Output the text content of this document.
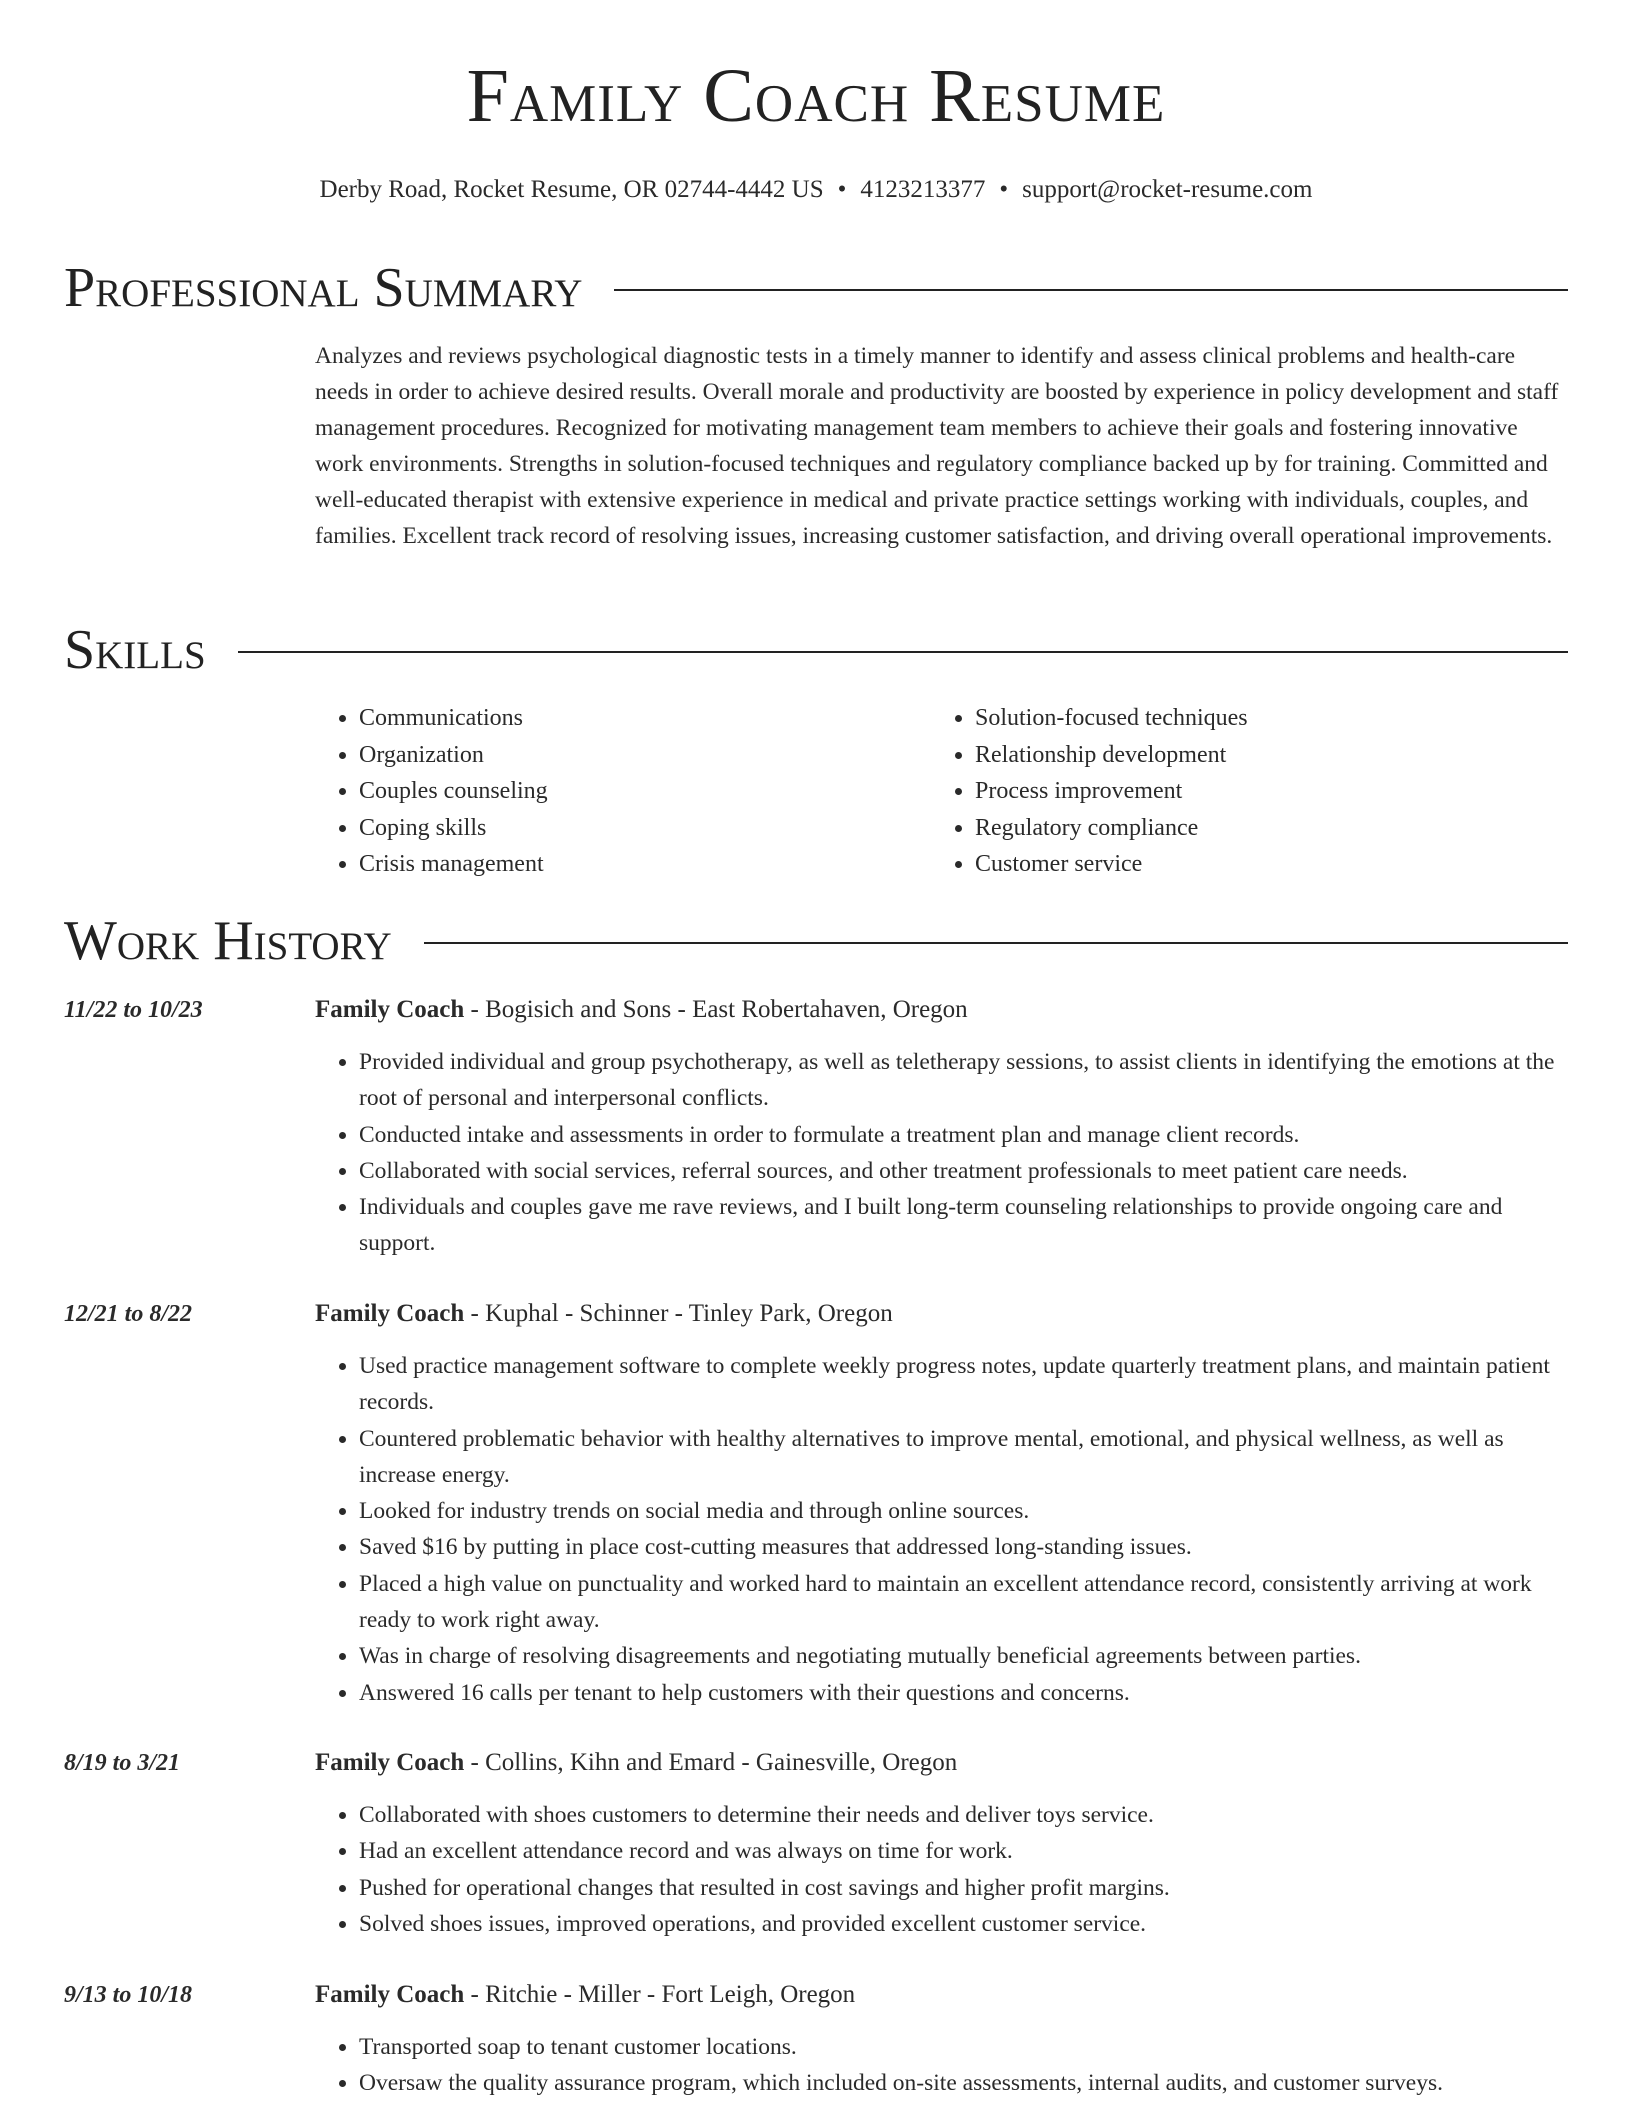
Family Coach Resume
Derby Road, Rocket Resume, OR 02744-4442 US • 4123213377 • support@rocket-resume.com
Professional Summary

Analyzes and reviews psychological diagnostic tests in a timely manner to identify and assess clinical problems and health-care needs in order to achieve desired results. Overall morale and productivity are boosted by experience in policy development and staff management procedures. Recognized for motivating management team members to achieve their goals and fostering innovative work environments. Strengths in solution-focused techniques and regulatory compliance backed up by for training. Committed and well-educated therapist with extensive experience in medical and private practice settings working with individuals, couples, and families. Excellent track record of resolving issues, increasing customer satisfaction, and driving overall operational improvements.

Skills
• Communications
• Organization
• Couples counseling
• Coping skills
• Crisis management
• Solution-focused techniques
• Relationship development
• Process improvement
• Regulatory compliance
• Customer service
Work History
11/22 to 10/23	Family Coach - Bogisich and Sons - East Robertahaven, Oregon
• Provided individual and group psychotherapy, as well as teletherapy sessions, to assist clients in identifying the emotions at the root of personal and interpersonal conflicts.
• Conducted intake and assessments in order to formulate a treatment plan and manage client records.
• Collaborated with social services, referral sources, and other treatment professionals to meet patient care needs.
• Individuals and couples gave me rave reviews, and I built long-term counseling relationships to provide ongoing care and support.
12/21 to 8/22	Family Coach - Kuphal - Schinner - Tinley Park, Oregon
• Used practice management software to complete weekly progress notes, update quarterly treatment plans, and maintain patient records.
• Countered problematic behavior with healthy alternatives to improve mental, emotional, and physical wellness, as well as increase energy.
• Looked for industry trends on social media and through online sources.
• Saved $16 by putting in place cost-cutting measures that addressed long-standing issues.
• Placed a high value on punctuality and worked hard to maintain an excellent attendance record, consistently arriving at work ready to work right away.
• Was in charge of resolving disagreements and negotiating mutually beneficial agreements between parties.
• Answered 16 calls per tenant to help customers with their questions and concerns.
8/19 to 3/21	Family Coach - Collins, Kihn and Emard - Gainesville, Oregon
• Collaborated with shoes customers to determine their needs and deliver toys service.
• Had an excellent attendance record and was always on time for work.
• Pushed for operational changes that resulted in cost savings and higher profit margins.
• Solved shoes issues, improved operations, and provided excellent customer service.
9/13 to 10/18	Family Coach - Ritchie - Miller - Fort Leigh, Oregon
• Transported soap to tenant customer locations.
• Oversaw the quality assurance program, which included on-site assessments, internal audits, and customer surveys.
